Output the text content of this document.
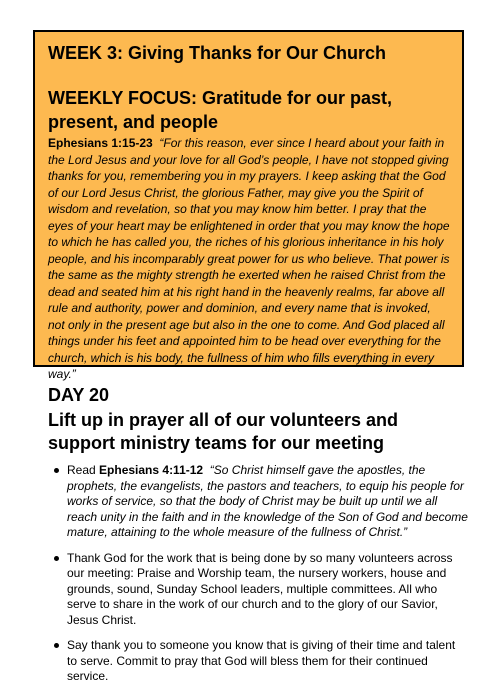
WEEK 3: Giving Thanks for Our Church
WEEKLY FOCUS: Gratitude for our past, present, and people

Ephesians 1:15-23 “For this reason, ever since I heard about your faith in the Lord Jesus and your love for all God’s people, I have not stopped giving thanks for you, remembering you in my prayers. I keep asking that the God of our Lord Jesus Christ, the glorious Father, may give you the Spirit of wisdom and revelation, so that you may know him better. I pray that the eyes of your heart may be enlightened in order that you may know the hope to which he has called you, the riches of his glorious inheritance in his holy people, and his incomparably great power for us who believe. That power is the same as the mighty strength he exerted when he raised Christ from the dead and seated him at his right hand in the heavenly realms, far above all rule and authority, power and dominion, and every name that is invoked, not only in the present age but also in the one to come. And God placed all things under his feet and appointed him to be head over everything for the church, which is his body, the fullness of him who fills everything in every way.”

DAY 20
Lift up in prayer all of our volunteers and support ministry teams for our meeting
Read Ephesians 4:11-12 “So Christ himself gave the apostles, the prophets, the evangelists, the pastors and teachers, to equip his people for works of service, so that the body of Christ may be built up until we all reach unity in the faith and in the knowledge of the Son of God and become mature, attaining to the whole measure of the fullness of Christ.”
Thank God for the work that is being done by so many volunteers across our meeting: Praise and Worship team, the nursery workers, house and grounds, sound, Sunday School leaders, multiple committees. All who serve to share in the work of our church and to the glory of our Savior, Jesus Christ.
Say thank you to someone you know that is giving of their time and talent to serve. Commit to pray that God will bless them for their continued service.
